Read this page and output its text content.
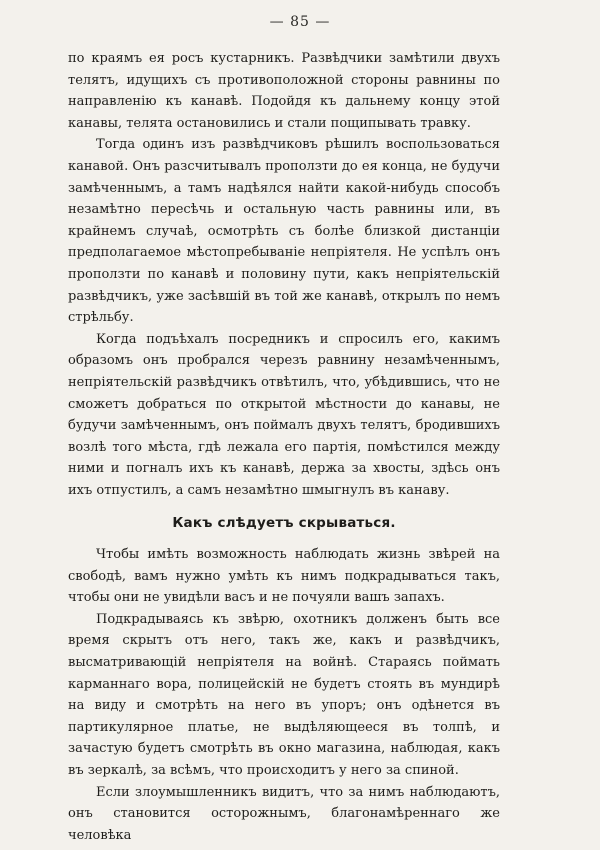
— 85 —

по краямъ ея росъ кустарникъ. Развѣдчики замѣтили двухъ телятъ, идущихъ съ противоположной стороны равнины по направленію къ канавѣ. Подойдя къ дальнему концу этой канавы, телята остановились и стали пощипывать травку.

Тогда одинъ изъ развѣдчиковъ рѣшилъ воспользоваться канавой. Онъ разсчитывалъ проползти до ея конца, не будучи замѣченнымъ, а тамъ надѣялся найти какой-нибудь способъ незамѣтно пересѣчь и остальную часть равнины или, въ крайнемъ случаѣ, осмотрѣть съ болѣе близкой дистанціи предполагаемое мѣстопребываніе непріятеля. Не успѣлъ онъ проползти по канавѣ и половину пути, какъ непріятельскій развѣдчикъ, уже засѣвшій въ той же канавѣ, открылъ по немъ стрѣльбу.

Когда подъѣхалъ посредникъ и спросилъ его, какимъ образомъ онъ пробрался черезъ равнину незамѣченнымъ, непріятельскій развѣдчикъ отвѣтилъ, что, убѣдившись, что не сможетъ добраться по открытой мѣстности до канавы, не будучи замѣченнымъ, онъ поймалъ двухъ телятъ, бродившихъ возлѣ того мѣста, гдѣ лежала его партія, помѣстился между ними и погналъ ихъ къ канавѣ, держа за хвосты, здѣсь онъ ихъ отпустилъ, а самъ незамѣтно шмыгнулъ въ канаву.

Какъ слѣдуетъ скрываться.

Чтобы имѣть возможность наблюдать жизнь звѣрей на свободѣ, вамъ нужно умѣть къ нимъ подкрадываться такъ, чтобы они не увидѣли васъ и не почуяли вашъ запахъ.

Подкрадываясь къ звѣрю, охотникъ долженъ быть все время скрытъ отъ него, такъ же, какъ и развѣдчикъ, высматривающій непріятеля на войнѣ. Стараясь поймать карманнаго вора, полицейскій не будетъ стоять въ мундирѣ на виду и смотрѣть на него въ упоръ; онъ одѣнется въ партикулярное платье, не выдѣляющееся въ толпѣ, и зачастую будетъ смотрѣть въ окно магазина, наблюдая, какъ въ зеркалѣ, за всѣмъ, что происходитъ у него за спиной.

Если злоумышленникъ видитъ, что за нимъ наблюдаютъ, онъ становится осторожнымъ, благонамѣреннаго же человѣка
